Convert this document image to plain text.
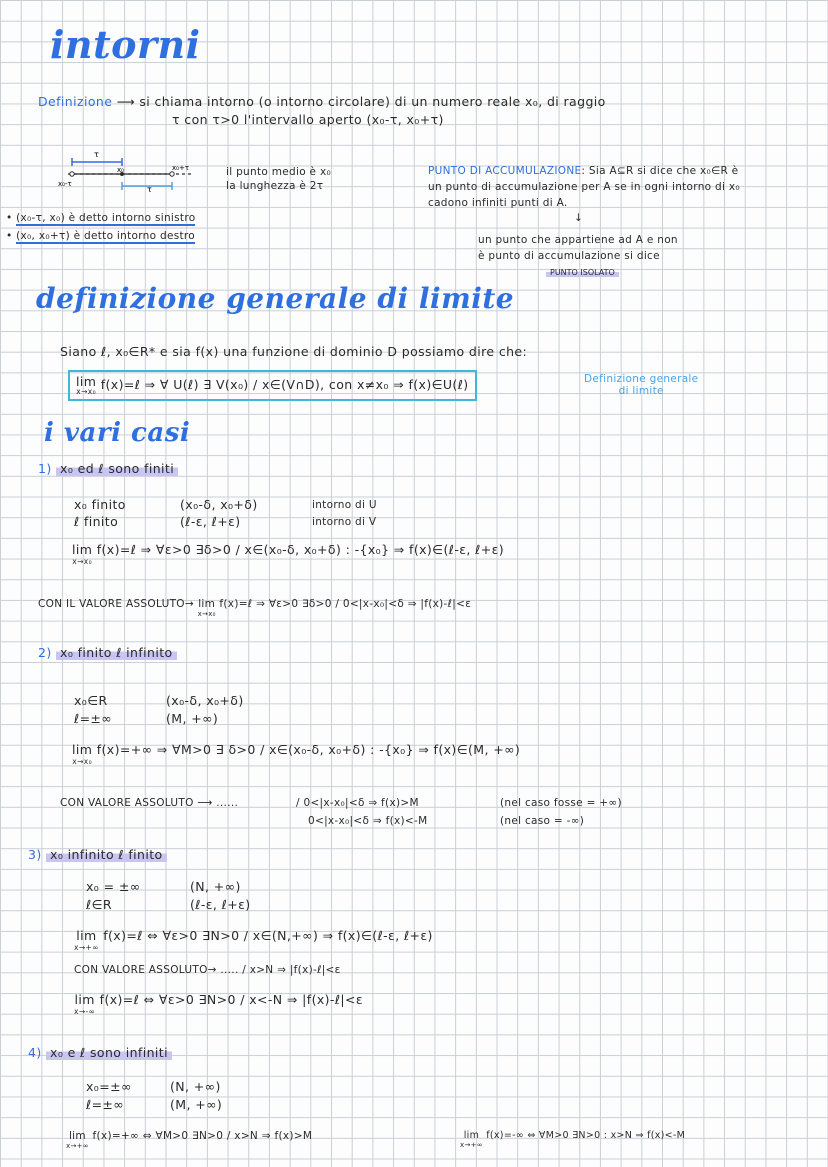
intorni
Definizione ⟶ si chiama intorno (o intorno circolare) di un numero reale x₀, di raggio
τ con τ>0 l'intervallo aperto (x₀-τ, x₀+τ)
τ
x₀	x₀+τ
x₀-τ
τ
il punto medio è x₀
la lunghezza è 2τ
• (x₀-τ, x₀) è detto intorno sinistro
• (x₀, x₀+τ) è detto intorno destro
PUNTO DI ACCUMULAZIONE: Sia A⊆R si dice che x₀∈R è
un punto di accumulazione per A se in ogni intorno di x₀
cadono infiniti punti di A.
↓
un punto che appartiene ad A e non
è punto di accumulazione si dice
PUNTO ISOLATO
definizione generale di limite
Siano ℓ, x₀∈R* e sia f(x) una funzione di dominio D possiamo dire che:
lim
x→x₀ f(x)=ℓ ⇒ ∀ U(ℓ) ∃ V(x₀) / x∈(V∩D), con x≠x₀ ⇒ f(x)∈U(ℓ)	Definizione generale
di limite
i vari casi
1) x₀ ed ℓ sono finiti
x₀ finito	(x₀-δ, x₀+δ)	intorno di U
ℓ finito	(ℓ-ε, ℓ+ε)	intorno di V
lim
x→x₀
f(x)=ℓ ⇒ ∀ε>0 ∃δ>0 / x∈(x₀-δ, x₀+δ) : -{x₀} ⇒ f(x)∈(ℓ-ε, ℓ+ε)
CON IL VALORE ASSOLUTO→ lim
x→x₀
f(x)=ℓ ⇒ ∀ε>0 ∃δ>0 / 0<|x-x₀|<δ ⇒ |f(x)-ℓ|<ε
2) x₀ finito ℓ infinito
x₀∈R	(x₀-δ, x₀+δ)
ℓ=±∞	(M, +∞)
lim
x→x₀
f(x)=+∞ ⇒ ∀M>0 ∃ δ>0 / x∈(x₀-δ, x₀+δ) : -{x₀} ⇒ f(x)∈(M, +∞)
CON VALORE ASSOLUTO ⟶ ......	/ 0<|x-x₀|<δ ⇒ f(x)>M	(nel caso fosse = +∞)
0<|x-x₀|<δ ⇒ f(x)<-M	(nel caso = -∞)
3) x₀ infinito ℓ finito
x₀ = ±∞	(N, +∞)
ℓ∈R	(ℓ-ε, ℓ+ε)
lim
x→+∞
f(x)=ℓ ⇔ ∀ε>0 ∃N>0 / x∈(N,+∞) ⇒ f(x)∈(ℓ-ε, ℓ+ε)
CON VALORE ASSOLUTO→ ..... / x>N ⇒ |f(x)-ℓ|<ε
lim
x→-∞
f(x)=ℓ ⇔ ∀ε>0 ∃N>0 / x<-N ⇒ |f(x)-ℓ|<ε
4) x₀ e ℓ sono infiniti
x₀=±∞	(N, +∞)
ℓ=±∞	(M, +∞)
lim
x→+∞
f(x)=+∞ ⇔ ∀M>0 ∃N>0 / x>N ⇒ f(x)>M	lim
x→+∞
f(x)=-∞ ⇔ ∀M>0 ∃N>0 : x>N ⇒ f(x)<-M
